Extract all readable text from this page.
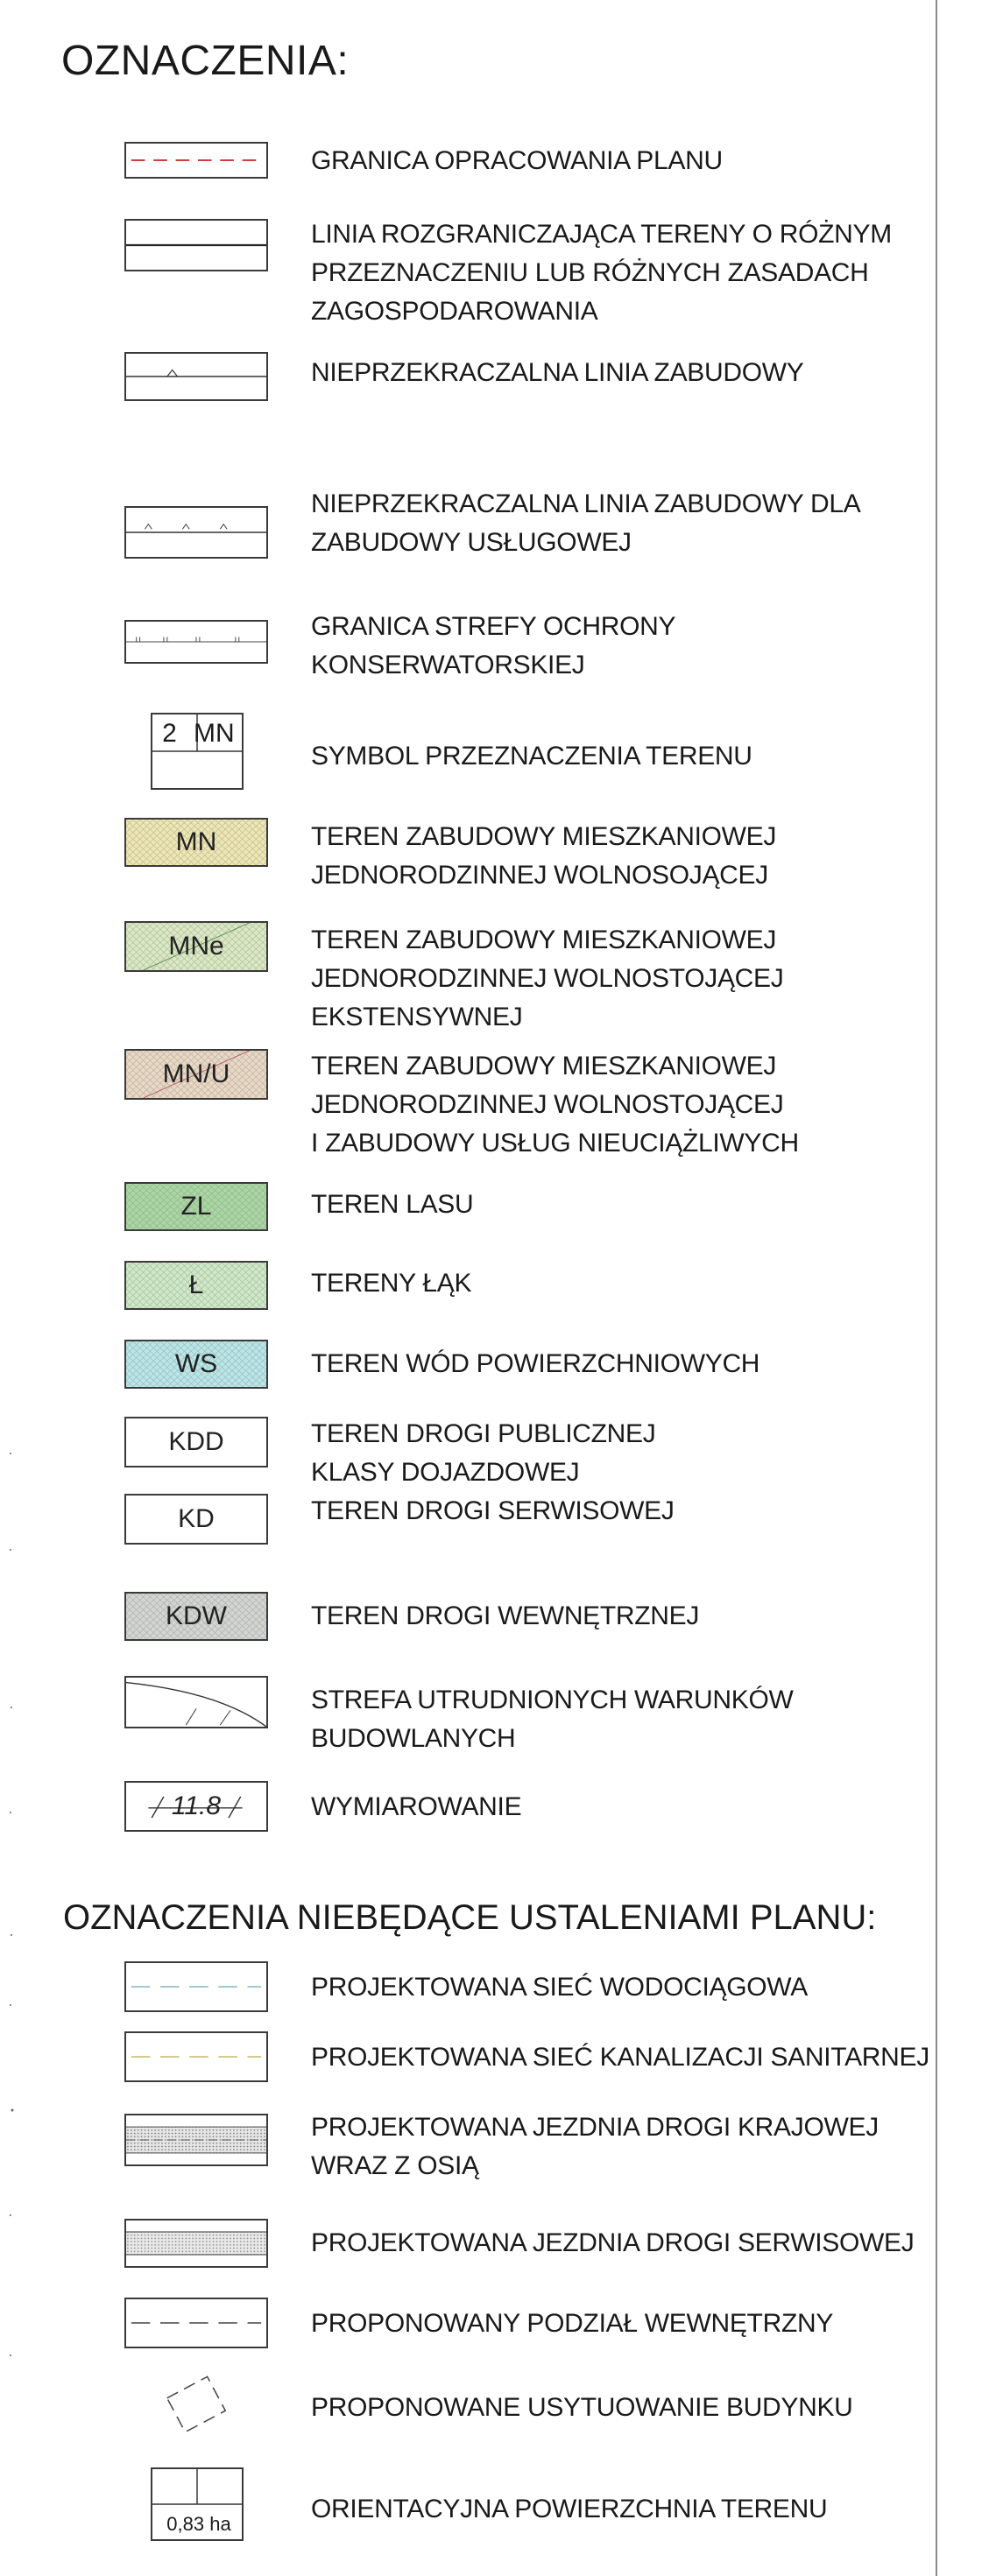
OZNACZENIA:
GRANICA OPRACOWANIA PLANU
LINIA ROZGRANICZAJĄCA TERENY O RÓŻNYM
PRZEZNACZENIU LUB RÓŻNYCH ZASADACH
ZAGOSPODAROWANIA
NIEPRZEKRACZALNA LINIA ZABUDOWY
NIEPRZEKRACZALNA LINIA ZABUDOWY DLA
ZABUDOWY USŁUGOWEJ
GRANICA STREFY OCHRONY
KONSERWATORSKIEJ
2 MN
SYMBOL PRZEZNACZENIA TERENU
MN	TEREN ZABUDOWY MIESZKANIOWEJ
JEDNORODZINNEJ WOLNOSOJĄCEJ
MNe	TEREN ZABUDOWY MIESZKANIOWEJ
JEDNORODZINNEJ WOLNOSTOJĄCEJ
EKSTENSYWNEJ
MN/U	TEREN ZABUDOWY MIESZKANIOWEJ
JEDNORODZINNEJ WOLNOSTOJĄCEJ
I ZABUDOWY USŁUG NIEUCIĄŻLIWYCH
ZL	TEREN LASU
Ł	TERENY ŁĄK
WS	TEREN WÓD POWIERZCHNIOWYCH
KDD	TEREN DROGI PUBLICZNEJ
KLASY DOJAZDOWEJ
KD	TEREN DROGI SERWISOWEJ
KDW	TEREN DROGI WEWNĘTRZNEJ
STREFA UTRUDNIONYCH WARUNKÓW
BUDOWLANYCH
11.8	WYMIAROWANIE
OZNACZENIA NIEBĘDĄCE USTALENIAMI PLANU:
PROJEKTOWANA SIEĆ WODOCIĄGOWA
PROJEKTOWANA SIEĆ KANALIZACJI SANITARNEJ
PROJEKTOWANA JEZDNIA DROGI KRAJOWEJ
WRAZ Z OSIĄ
PROJEKTOWANA JEZDNIA DROGI SERWISOWEJ
PROPONOWANY PODZIAŁ WEWNĘTRZNY
PROPONOWANE USYTUOWANIE BUDYNKU
0,83 ha
ORIENTACYJNA POWIERZCHNIA TERENU
